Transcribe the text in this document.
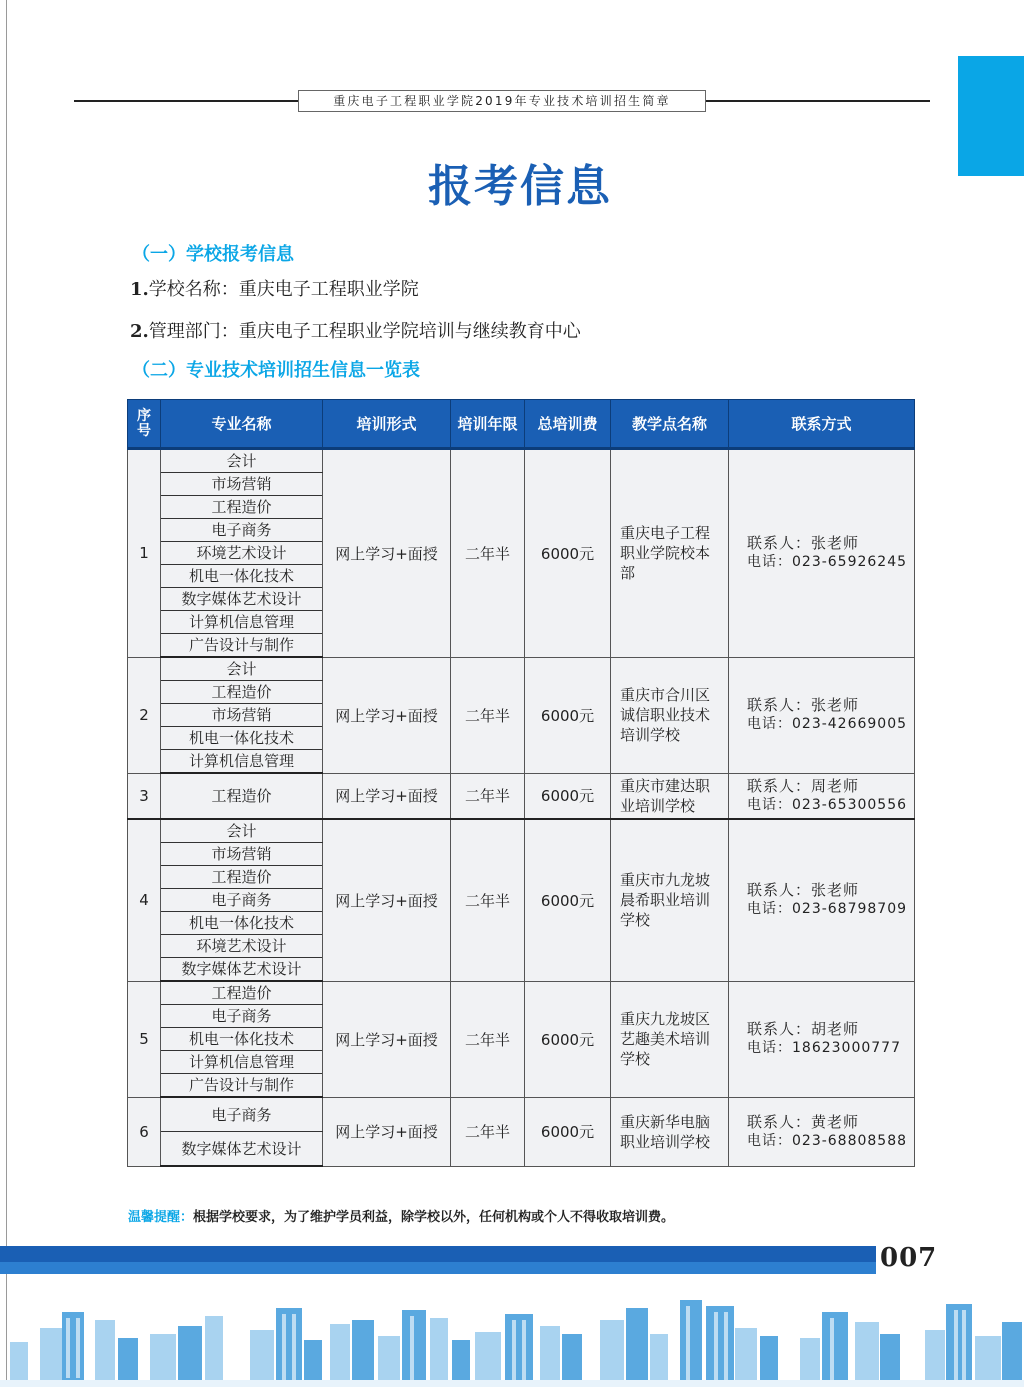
重庆电子工程职业学院2019年专业技术培训招生简章
报考信息
（一）学校报考信息
1.学校名称：重庆电子工程职业学院
2.管理部门：重庆电子工程职业学院培训与继续教育中心
（二）专业技术培训招生信息一览表
序
号	专业名称	培训形式	培训年限	总培训费	教学点名称	联系方式
1	会计	网上学习+面授	二年半	6000元	重庆电子工程职业学院校本部	联系人：张老师
电话：023-65926245

	市场营销					
	工程造价					
	电子商务					
	环境艺术设计					
	机电一体化技术					
	数字媒体艺术设计					
	计算机信息管理					
	广告设计与制作					
2	会计	网上学习+面授	二年半	6000元	重庆市合川区诚信职业技术培训学校	联系人：张老师
电话：023-42669005

	工程造价					
	市场营销					
	机电一体化技术					
	计算机信息管理					
3	工程造价	网上学习+面授	二年半	6000元	重庆市建达职业培训学校	联系人：周老师
电话：023-65300556

4	会计	网上学习+面授	二年半	6000元	重庆市九龙坡晨希职业培训学校	联系人：张老师
电话：023-68798709

	市场营销					
	工程造价					
	电子商务					
	机电一体化技术					
	环境艺术设计					
	数字媒体艺术设计					
5	工程造价	网上学习+面授	二年半	6000元	重庆九龙坡区艺趣美术培训学校	联系人：胡老师
电话：18623000777

	电子商务					
	机电一体化技术					
	计算机信息管理					
	广告设计与制作					
6	电子商务	网上学习+面授	二年半	6000元	重庆新华电脑职业培训学校	联系人：黄老师
电话：023-68808588

	数字媒体艺术设计					
温馨提醒：根据学校要求，为了维护学员利益，除学校以外，任何机构或个人不得收取培训费。
007
